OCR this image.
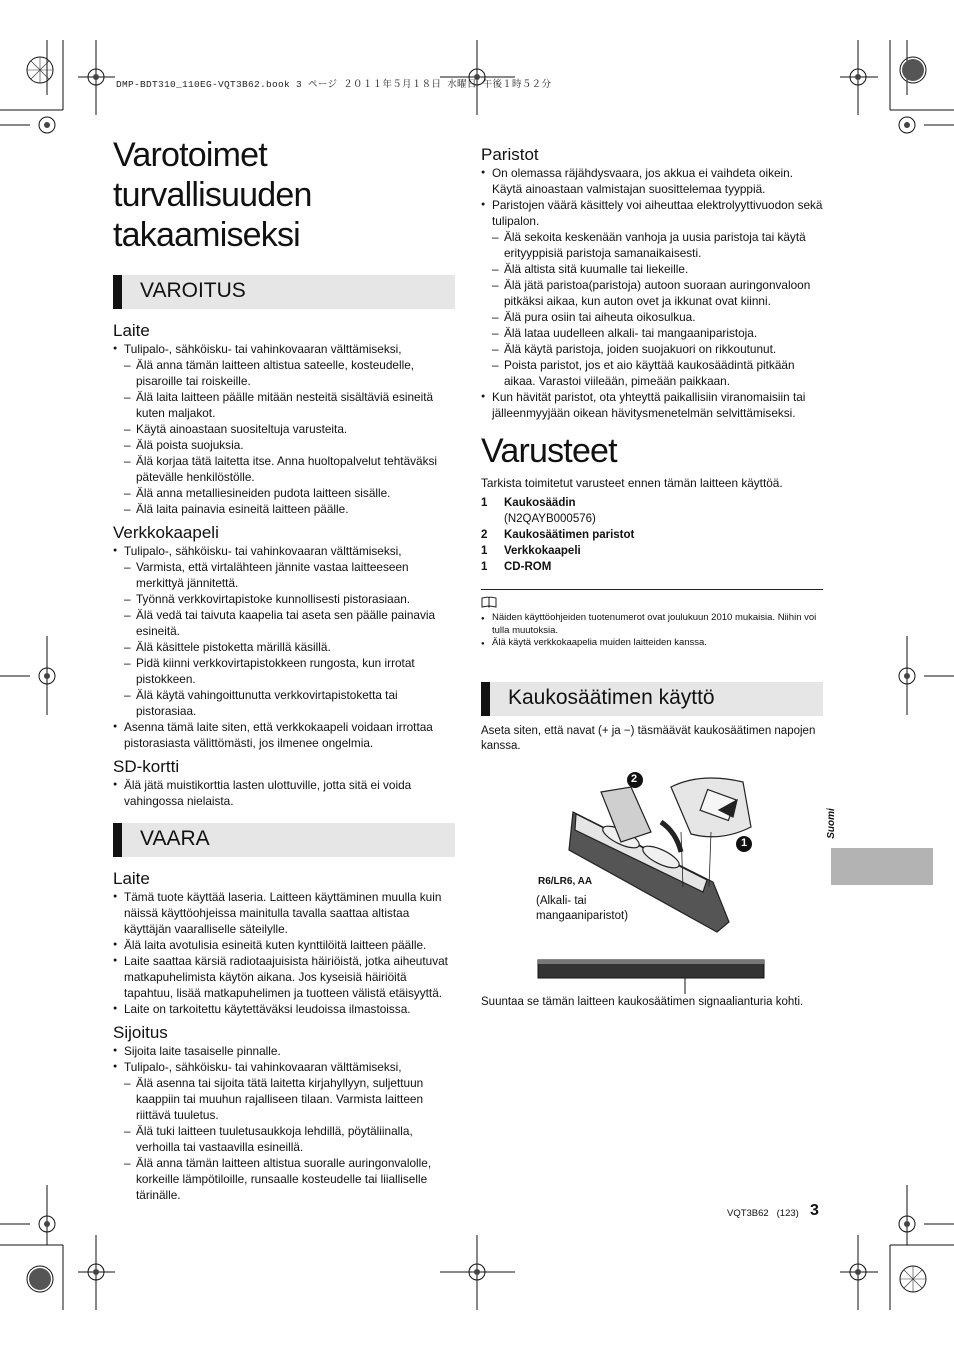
DMP-BDT310_110EG-VQT3B62.book 3 ページ ２０１１年５月１８日 水曜日 午後１時５２分
Varotoimet turvallisuuden
takaamiseksi
VAROITUS
Laite
● Tulipalo-, sähköisku- tai vahinkovaaran välttämiseksi,
– Älä anna tämän laitteen altistua sateelle, kosteudelle, pisaroille tai roiskeille.
– Älä laita laitteen päälle mitään nesteitä sisältäviä esineitä kuten maljakot.
– Käytä ainoastaan suositeltuja varusteita.
– Älä poista suojuksia.
– Älä korjaa tätä laitetta itse. Anna huoltopalvelut tehtäväksi pätevälle henkilöstölle.
– Älä anna metalliesineiden pudota laitteen sisälle.
– Älä laita painavia esineitä laitteen päälle.
Verkkokaapeli
● Tulipalo-, sähköisku- tai vahinkovaaran välttämiseksi,
– Varmista, että virtalähteen jännite vastaa laitteeseen merkittyä jännitettä.
– Työnnä verkkovirtapistoke kunnollisesti pistorasiaan.
– Älä vedä tai taivuta kaapelia tai aseta sen päälle painavia esineitä.
– Älä käsittele pistoketta märillä käsillä.
– Pidä kiinni verkkovirtapistokkeen rungosta, kun irrotat pistokkeen.
– Älä käytä vahingoittunutta verkkovirtapistoketta tai pistorasiaa.
● Asenna tämä laite siten, että verkkokaapeli voidaan irrottaa pistorasiasta välittömästi, jos ilmenee ongelmia.
SD-kortti
● Älä jätä muistikorttia lasten ulottuville, jotta sitä ei voida vahingossa nielaista.
VAARA
Laite
● Tämä tuote käyttää laseria. Laitteen käyttäminen muulla kuin näissä käyttöohjeissa mainitulla tavalla saattaa altistaa käyttäjän vaaralliselle säteilylle.
● Älä laita avotulisia esineitä kuten kynttilöitä laitteen päälle.
● Laite saattaa kärsiä radiotaajuisista häiriöistä, jotka aiheutuvat matkapuhelimista käytön aikana. Jos kyseisiä häiriöitä tapahtuu, lisää matkapuhelimen ja tuotteen välistä etäisyyttä.
● Laite on tarkoitettu käytettäväksi leudoissa ilmastoissa.
Sijoitus
● Sijoita laite tasaiselle pinnalle.
● Tulipalo-, sähköisku- tai vahinkovaaran välttämiseksi,
– Älä asenna tai sijoita tätä laitetta kirjahyllyyn, suljettuun kaappiin tai muuhun rajalliseen tilaan. Varmista laitteen riittävä tuuletus.
– Älä tuki laitteen tuuletusaukkoja lehdillä, pöytäliinalla, verhoilla tai vastaavilla esineillä.
– Älä anna tämän laitteen altistua suoralle auringonvalolle, korkeille lämpötiloille, runsaalle kosteudelle tai liialliselle tärinälle.
Paristot
● On olemassa räjähdysvaara, jos akkua ei vaihdeta oikein. Käytä ainoastaan valmistajan suosittelemaa tyyppiä.
● Paristojen väärä käsittely voi aiheuttaa elektrolyyttivuodon sekä tulipalon.
– Älä sekoita keskenään vanhoja ja uusia paristoja tai käytä erityyppisiä paristoja samanaikaisesti.
– Älä altista sitä kuumalle tai liekeille.
– Älä jätä paristoa(paristoja) autoon suoraan auringonvaloon pitkäksi aikaa, kun auton ovet ja ikkunat ovat kiinni.
– Älä pura osiin tai aiheuta oikosulkua.
– Älä lataa uudelleen alkali- tai mangaaniparistoja.
– Älä käytä paristoja, joiden suojakuori on rikkoutunut.
– Poista paristot, jos et aio käyttää kaukosäädintä pitkään aikaa. Varastoi viileään, pimeään paikkaan.
● Kun hävität paristot, ota yhteyttä paikallisiin viranomaisiin tai jälleenmyyjään oikean hävitysmenetelmän selvittämiseksi.
Varusteet

Tarkista toimitetut varusteet ennen tämän laitteen käyttöä.

1	Kaukosäädin
(N2QAYB000576)
2	Kaukosäätimen paristot
1	Verkkokaapeli
1	CD-ROM
● Näiden käyttöohjeiden tuotenumerot ovat joulukuun 2010 mukaisia. Niihin voi tulla muutoksia.
● Älä käytä verkkokaapelia muiden laitteiden kanssa.
Kaukosäätimen käyttö

Aseta siten, että navat (+ ja −) täsmäävät kaukosäätimen napojen kanssa.

2
1
R6/LR6, AA
(Alkali- tai
mangaaniparistot)

Suuntaa se tämän laitteen kaukosäätimen signaalianturia kohti.

Suomi
VQT3B62   (123) 3
